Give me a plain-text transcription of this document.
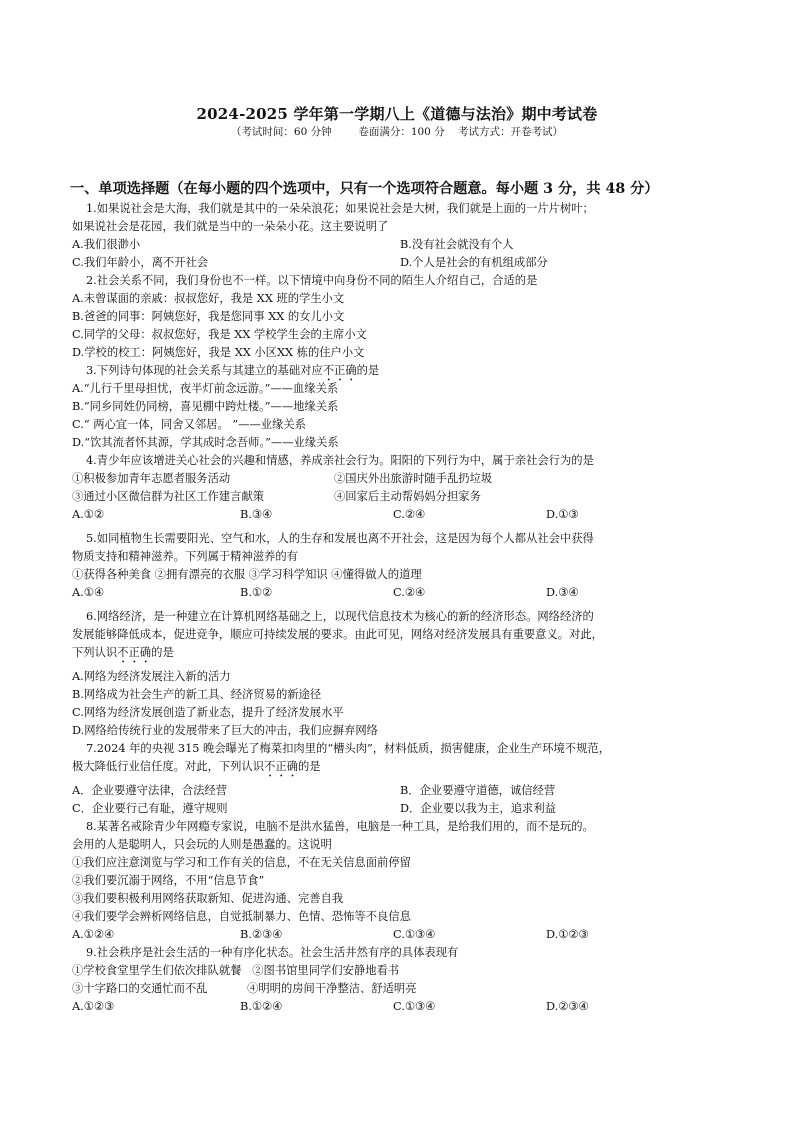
2024-2025 学年第一学期八上《道德与法治》期中考试卷
（考试时间：60 分钟        卷面满分：100 分    考试方式：开卷考试）
一、单项选择题（在每小题的四个选项中，只有一个选项符合题意。每小题 3 分，共 48 分）
1.如果说社会是大海，我们就是其中的一朵朵浪花；如果说社会是大树，我们就是上面的一片片树叶；
如果说社会是花园，我们就是当中的一朵朵小花。这主要说明了
A.我们很渺小	B.没有社会就没有个人
C.我们年龄小，离不开社会	D.个人是社会的有机组成部分
2.社会关系不同，我们身份也不一样。以下情境中向身份不同的陌生人介绍自己，合适的是
A.未曾谋面的亲戚：叔叔您好，我是 XX 班的学生小文
B.爸爸的同事：阿姨您好，我是您同事 XX 的女儿小文
C.同学的父母：叔叔您好，我是 XX 学校学生会的主席小文
D.学校的校工：阿姨您好，我是 XX 小区XX 栋的住户小文
3.下列诗句体现的社会关系与其建立的基础对应不正确的是
A.“儿行千里母担忧，夜半灯前念远游。”——血缘关系
B.“同乡同姓仍同榜，喜见棚中跨灶楼。”——地缘关系
C.“ 两心宜一体，同舍又邻居。 ”——业缘关系
D.“饮其流者怀其源，学其成时念吾师。”——业缘关系
4.青少年应该增进关心社会的兴趣和情感，养成亲社会行为。阳阳的下列行为中，属于亲社会行为的是
①积极参加青年志愿者服务活动	②国庆外出旅游时随手乱扔垃圾
③通过小区微信群为社区工作建言献策	④回家后主动帮妈妈分担家务
A.①②	B.③④	C.②④	D.①③
5.如同植物生长需要阳光、空气和水，人的生存和发展也离不开社会，这是因为每个人都从社会中获得
物质支持和精神滋养。下列属于精神滋养的有
①获得各种美食 ②拥有漂亮的衣服 ③学习科学知识 ④懂得做人的道理
A.①④	B.①②	C.②④	D.③④
6.网络经济，是一种建立在计算机网络基础之上，以现代信息技术为核心的新的经济形态。网络经济的
发展能够降低成本，促进竞争，顺应可持续发展的要求。由此可见，网络对经济发展具有重要意义。对此，
下列认识不正确的是
A.网络为经济发展注入新的活力
B.网络成为社会生产的新工具、经济贸易的新途径
C.网络为经济发展创造了新业态，提升了经济发展水平
D.网络给传统行业的发展带来了巨大的冲击，我们应摒弃网络
7.2024 年的央视 315 晚会曝光了梅菜扣肉里的“槽头肉”，材料低质，损害健康，企业生产环境不规范，
极大降低行业信任度。对此，下列认识不正确的是
A．企业要遵守法律，合法经营	B．企业要遵守道德，诚信经营
C．企业要行己有耻，遵守规则	D．企业要以我为主，追求利益
8.某著名戒除青少年网瘾专家说，电脑不是洪水猛兽，电脑是一种工具，是给我们用的，而不是玩的。
会用的人是聪明人，只会玩的人则是愚蠢的。这说明
①我们应注意浏览与学习和工作有关的信息，不在无关信息面前停留
②我们要沉溺于网络，不用“信息节食”
③我们要积极利用网络获取新知、促进沟通、完善自我
④我们要学会辨析网络信息，自觉抵制暴力、色情、恐怖等不良信息
A.①②④	B.②③④	C.①③④	D.①②③
9.社会秩序是社会生活的一种有序化状态。社会生活井然有序的具体表现有
①学校食堂里学生们依次排队就餐   ②图书馆里同学们安静地看书
③十字路口的交通忙而不乱           ④明明的房间干净整洁、舒适明亮
A.①②③	B.①②④	C.①③④	D.②③④
